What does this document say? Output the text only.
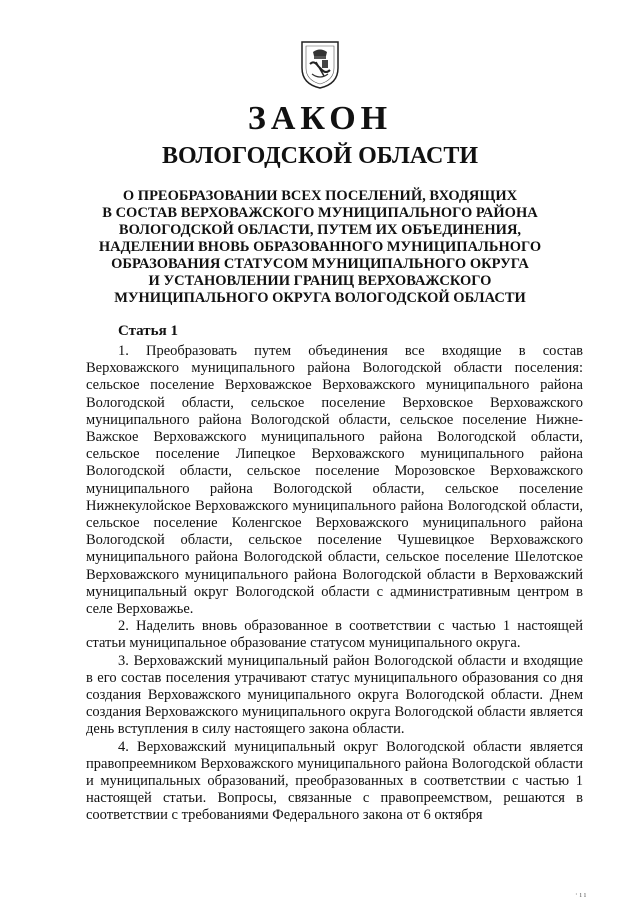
ЗАКОН
ВОЛОГОДСКОЙ ОБЛАСТИ
О ПРЕОБРАЗОВАНИИ ВСЕХ ПОСЕЛЕНИЙ, ВХОДЯЩИХ
В СОСТАВ ВЕРХОВАЖСКОГО МУНИЦИПАЛЬНОГО РАЙОНА
ВОЛОГОДСКОЙ ОБЛАСТИ, ПУТЕМ ИХ ОБЪЕДИНЕНИЯ,
НАДЕЛЕНИИ ВНОВЬ ОБРАЗОВАННОГО МУНИЦИПАЛЬНОГО
ОБРАЗОВАНИЯ СТАТУСОМ МУНИЦИПАЛЬНОГО ОКРУГА
И УСТАНОВЛЕНИИ ГРАНИЦ ВЕРХОВАЖСКОГО
МУНИЦИПАЛЬНОГО ОКРУГА ВОЛОГОДСКОЙ ОБЛАСТИ
Статья 1

1. Преобразовать путем объединения все входящие в состав Верховажского муниципального района Вологодской области поселения: сельское поселение Верховажское Верховажского муниципального района Вологодской области, сельское поселение Верховское Верховажского муниципального района Вологодской области, сельское поселение Нижне-Важское Верховажского муниципального района Вологодской области, сельское поселение Липецкое Верховажского муниципального района Вологодской области, сельское поселение Морозовское Верховажского муниципального района Вологодской области, сельское поселение Нижнекулойское Верховажского муниципального района Вологодской области, сельское поселение Коленгское Верховажского муниципального района Вологодской области, сельское поселение Чушевицкое Верховажского муниципального района Вологодской области, сельское поселение Шелотское Верховажского муниципального района Вологодской области в Верховажский муниципальный округ Вологодской области с административным центром в селе Верховажье.

2. Наделить вновь образованное в соответствии с частью 1 настоящей статьи муниципальное образование статусом муниципального округа.

3. Верховажский муниципальный район Вологодской области и входящие в его состав поселения утрачивают статус муниципального образования со дня создания Верховажского муниципального округа Вологодской области. Днем создания Верховажского муниципального округа Вологодской области является день вступления в силу настоящего закона области.

4. Верховажский муниципальный округ Вологодской области является правопреемником Верховажского муниципального района Вологодской области и муниципальных образований, преобразованных в соответствии с частью 1 настоящей статьи. Вопросы, связанные с правопреемством, решаются в соответствии с требованиями Федерального закона от 6 октября

· ı ı
